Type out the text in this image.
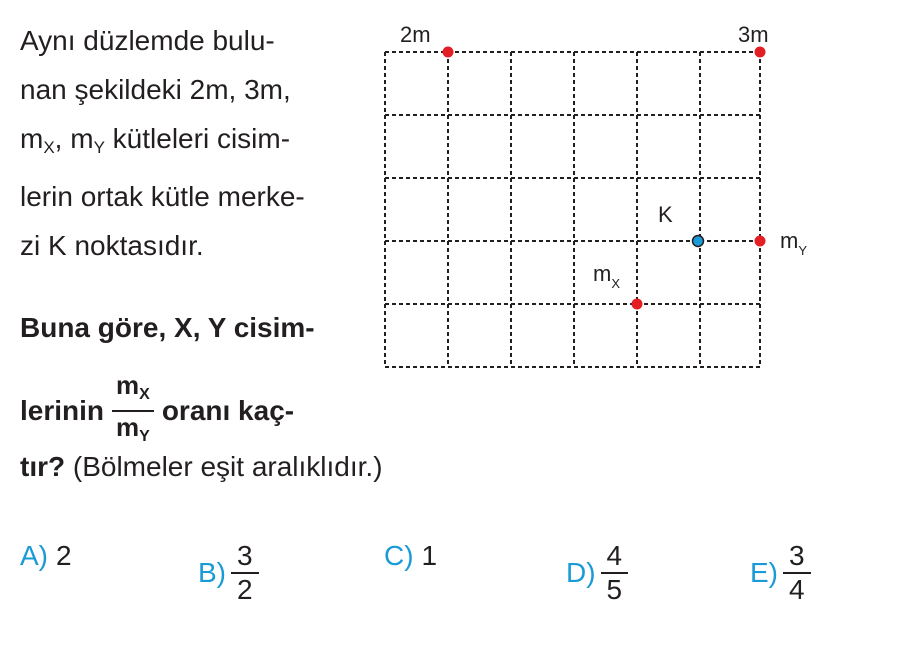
Aynı düzlemde bulu-
nan şekildeki 2m, 3m,
$m_X$, $m_Y$ kütleleri cisim-
lerin ortak kütle merke-
zi K noktasıdır.
Buna göre, X, Y cisim-
lerinin $\frac{m_X}{m_Y}$ oranı kaç-
tır? (Bölmeler eşit aralıklıdır.)
2m	3m
K
$m_X$
$m_Y$
A) 2
B)
3
2
C) 1
D)
4
5
E)
3
4
